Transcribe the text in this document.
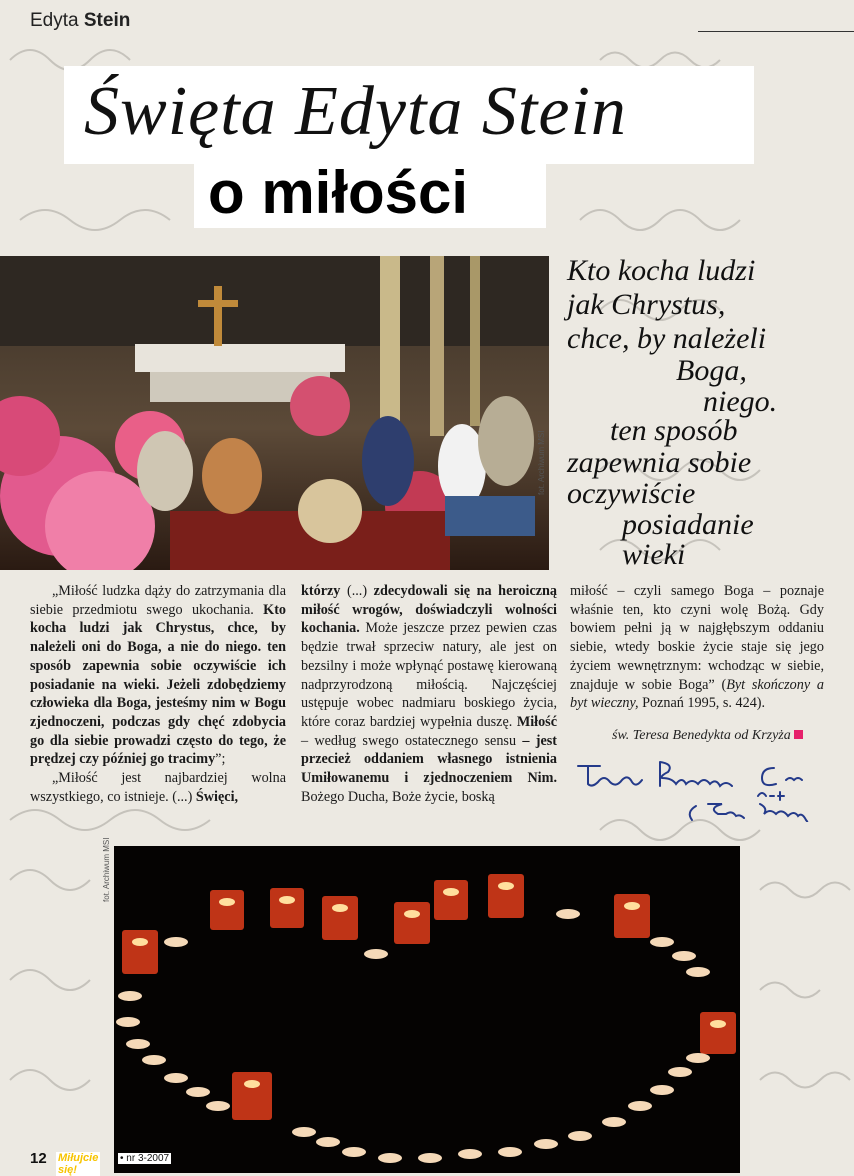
Edyta Stein
Święta Edyta Stein
o miłości
fot. Archiwum MSI
Kto kocha ludzi
jak Chrystus,
chce, by należeli
Boga,
niego.
ten sposób
zapewnia sobie
oczywiście
posiadanie
wieki

„Miłość ludzka dąży do zatrzymania dla siebie przedmiotu swego ukochania. Kto kocha ludzi jak Chrystus, chce, by należeli oni do Boga, a nie do niego. ten sposób zapewnia sobie oczywiście ich posiadanie na wieki. Jeżeli zdobędziemy człowieka dla Boga, jesteśmy nim w Bogu zjednoczeni, podczas gdy chęć zdobycia go dla siebie prowadzi często do tego, że prędzej czy później go tracimy”;

„Miłość jest najbardziej wolna wszystkiego, co istnieje. (...) Święci,

którzy (...) zdecydowali się na heroiczną miłość wrogów, doświadczyli wolności kochania. Może jeszcze przez pewien czas będzie trwał sprzeciw natury, ale jest on bezsilny i może wpłynąć postawę kierowaną nadprzyrodzoną miłością. Najczęściej ustępuje wobec nadmiaru boskiego życia, które coraz bardziej wypełnia duszę. Miłość – według swego ostatecznego sensu – jest przecież oddaniem własnego istnienia Umiłowanemu i zjednoczeniem Nim. Bożego Ducha, Boże życie, boską

miłość – czyli samego Boga – poznaje właśnie ten, kto czyni wolę Bożą. Gdy bowiem pełni ją w najgłębszym oddaniu siebie, wtedy boskie życie staje się jego życiem wewnętrznym: wchodząc w siebie, znajduje w sobie Boga” (Byt skończony a byt wieczny, Poznań 1995, s. 424).

św. Teresa Benedykta od Krzyża
fot. Archiwum MSI
12 Miłujcie się!
• nr 3-2007
